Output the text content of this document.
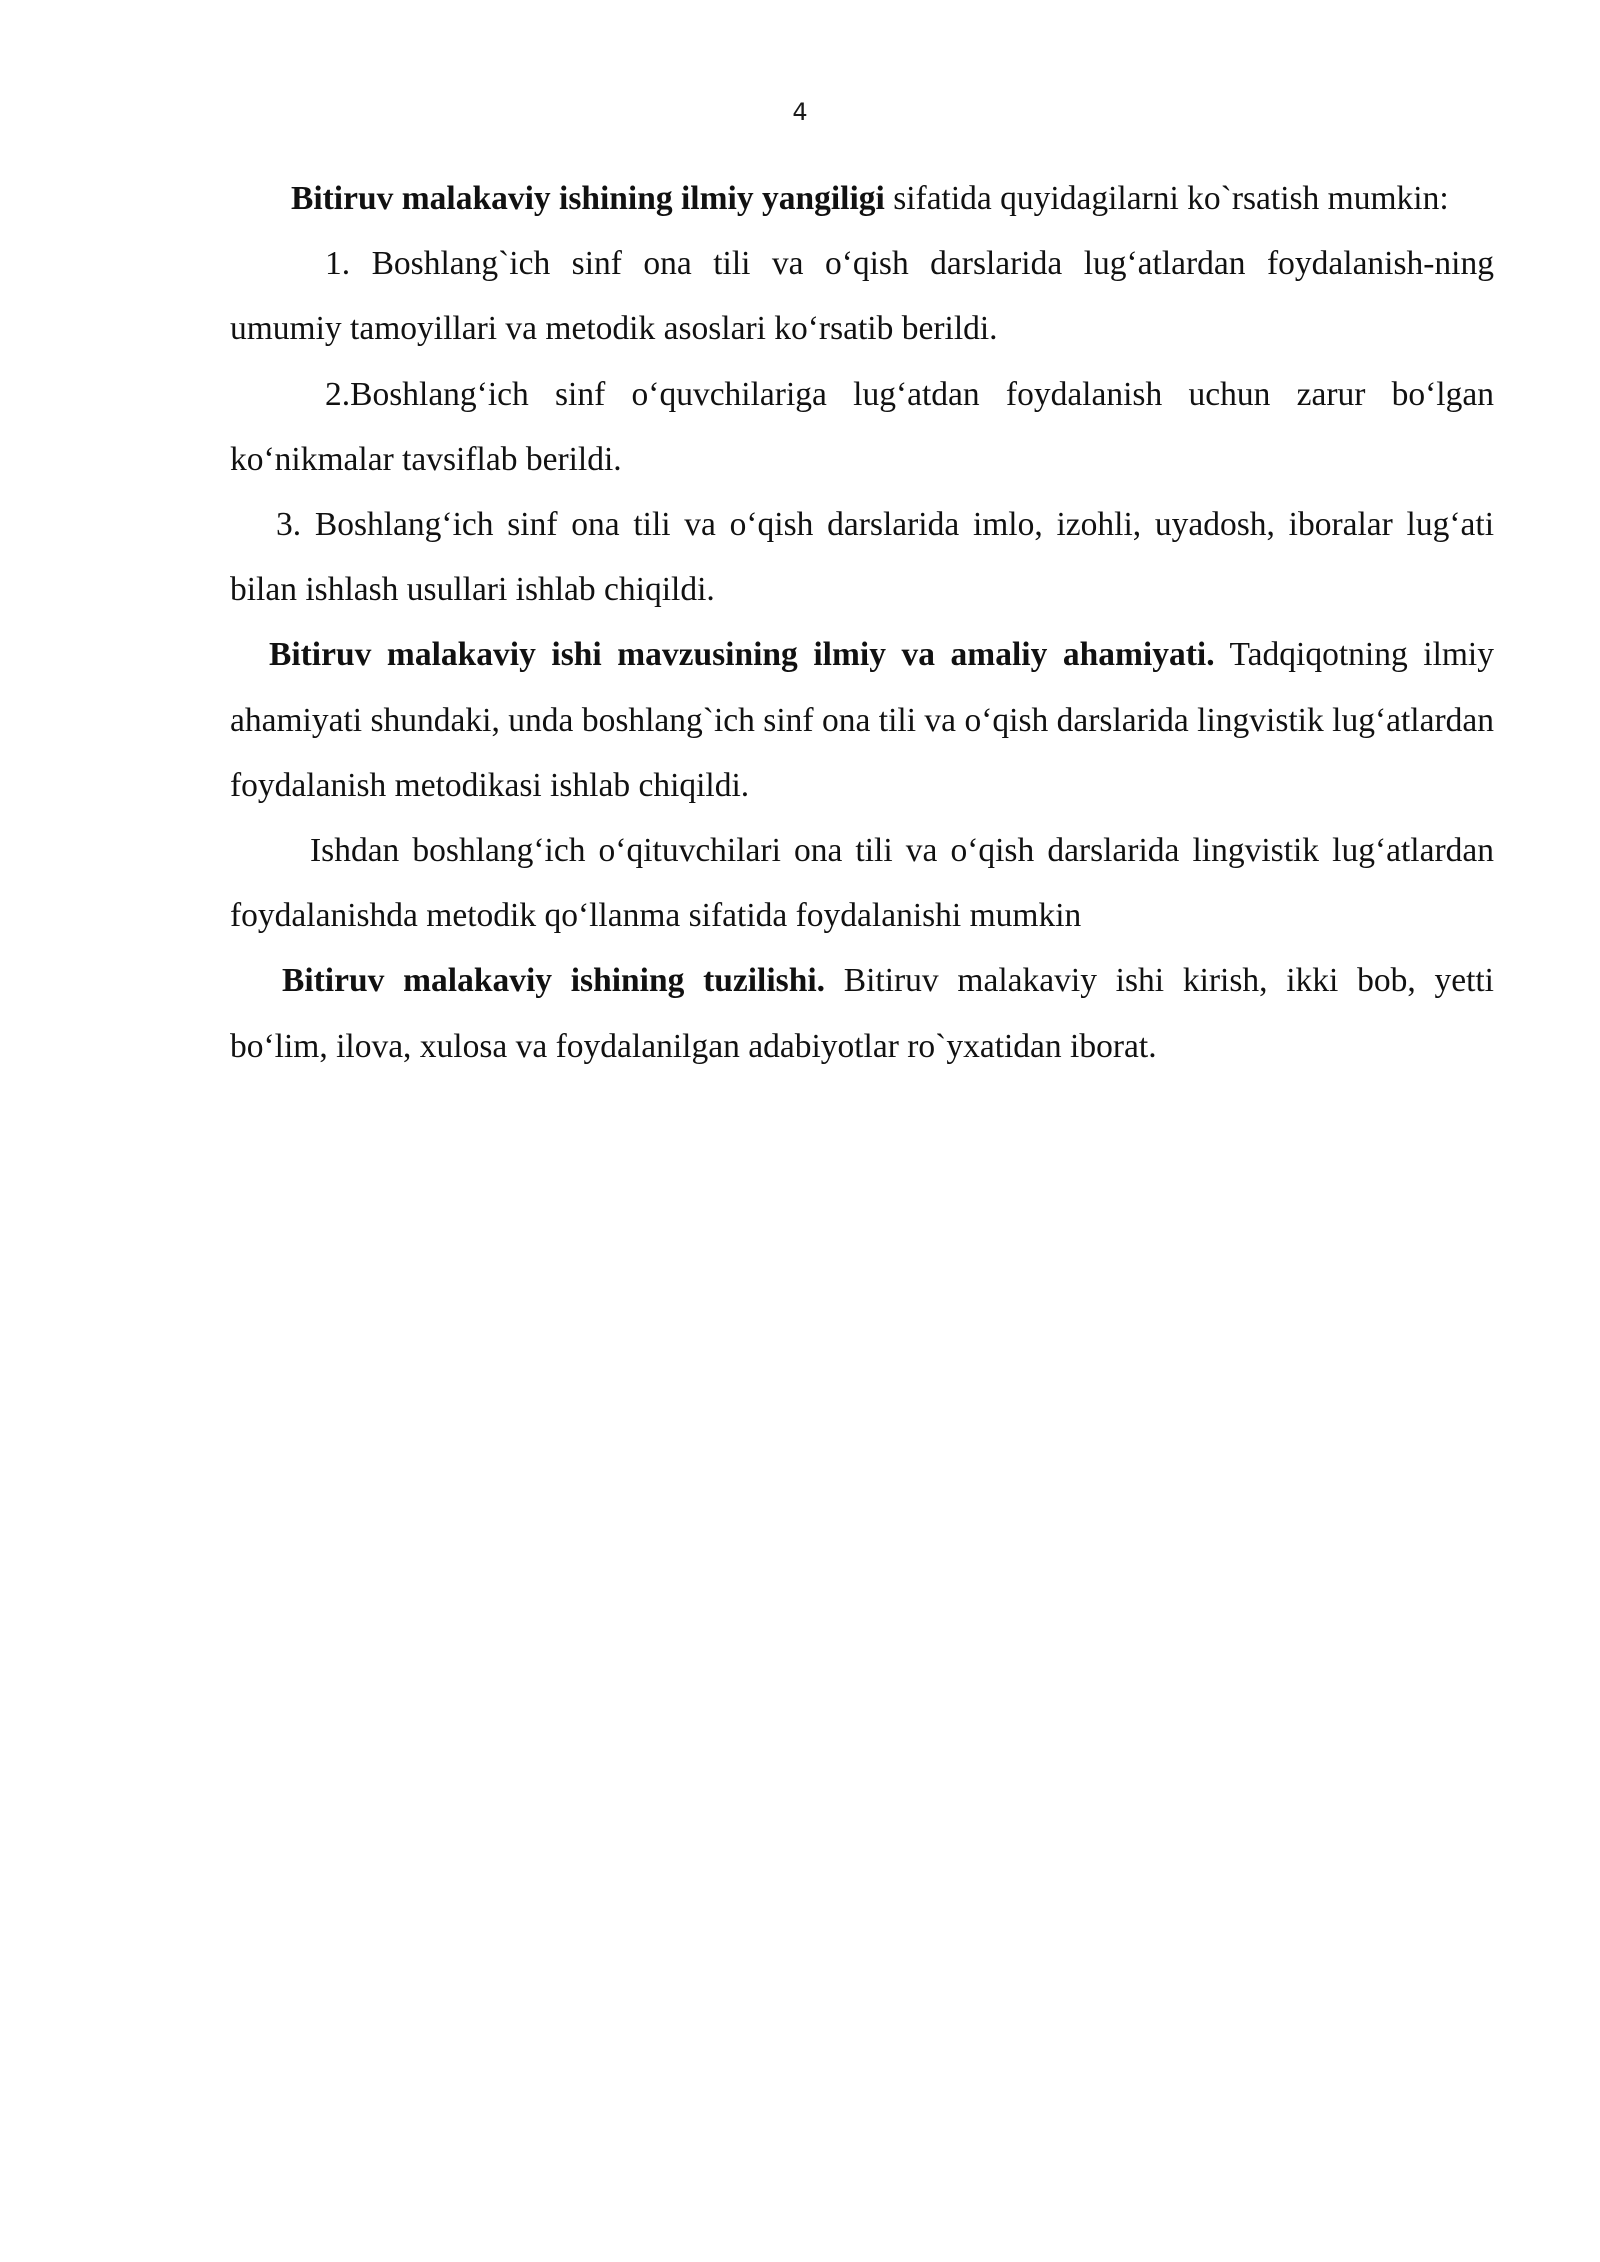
4

Bitiruv malakaviy ishining ilmiy yangiligi sifatida quyidagilarni ko`rsatish mumkin:

1. Boshlang`ich sinf ona tili va o‘qish darslarida lug‘atlardan foydalanish-ning umumiy tamoyillari va metodik asoslari ko‘rsatib berildi.

2.Boshlang‘ich sinf o‘quvchilariga lug‘atdan foydalanish uchun zarur bo‘lgan ko‘nikmalar tavsiflab berildi.

3. Boshlang‘ich sinf ona tili va o‘qish darslarida imlo, izohli, uyadosh, iboralar lug‘ati bilan ishlash usullari ishlab chiqildi.

Bitiruv malakaviy ishi mavzusining ilmiy va amaliy ahamiyati. Tadqiqotning ilmiy ahamiyati shundaki, unda boshlang`ich sinf ona tili va o‘qish darslarida lingvistik lug‘atlardan foydalanish metodikasi ishlab chiqildi.

Ishdan boshlang‘ich o‘qituvchilari ona tili va o‘qish darslarida lingvistik lug‘atlardan foydalanishda metodik qo‘llanma sifatida foydalanishi mumkin

Bitiruv malakaviy ishining tuzilishi. Bitiruv malakaviy ishi kirish, ikki bob, yetti bo‘lim, ilova, xulosa va foydalanilgan adabiyotlar ro`yxatidan iborat.
